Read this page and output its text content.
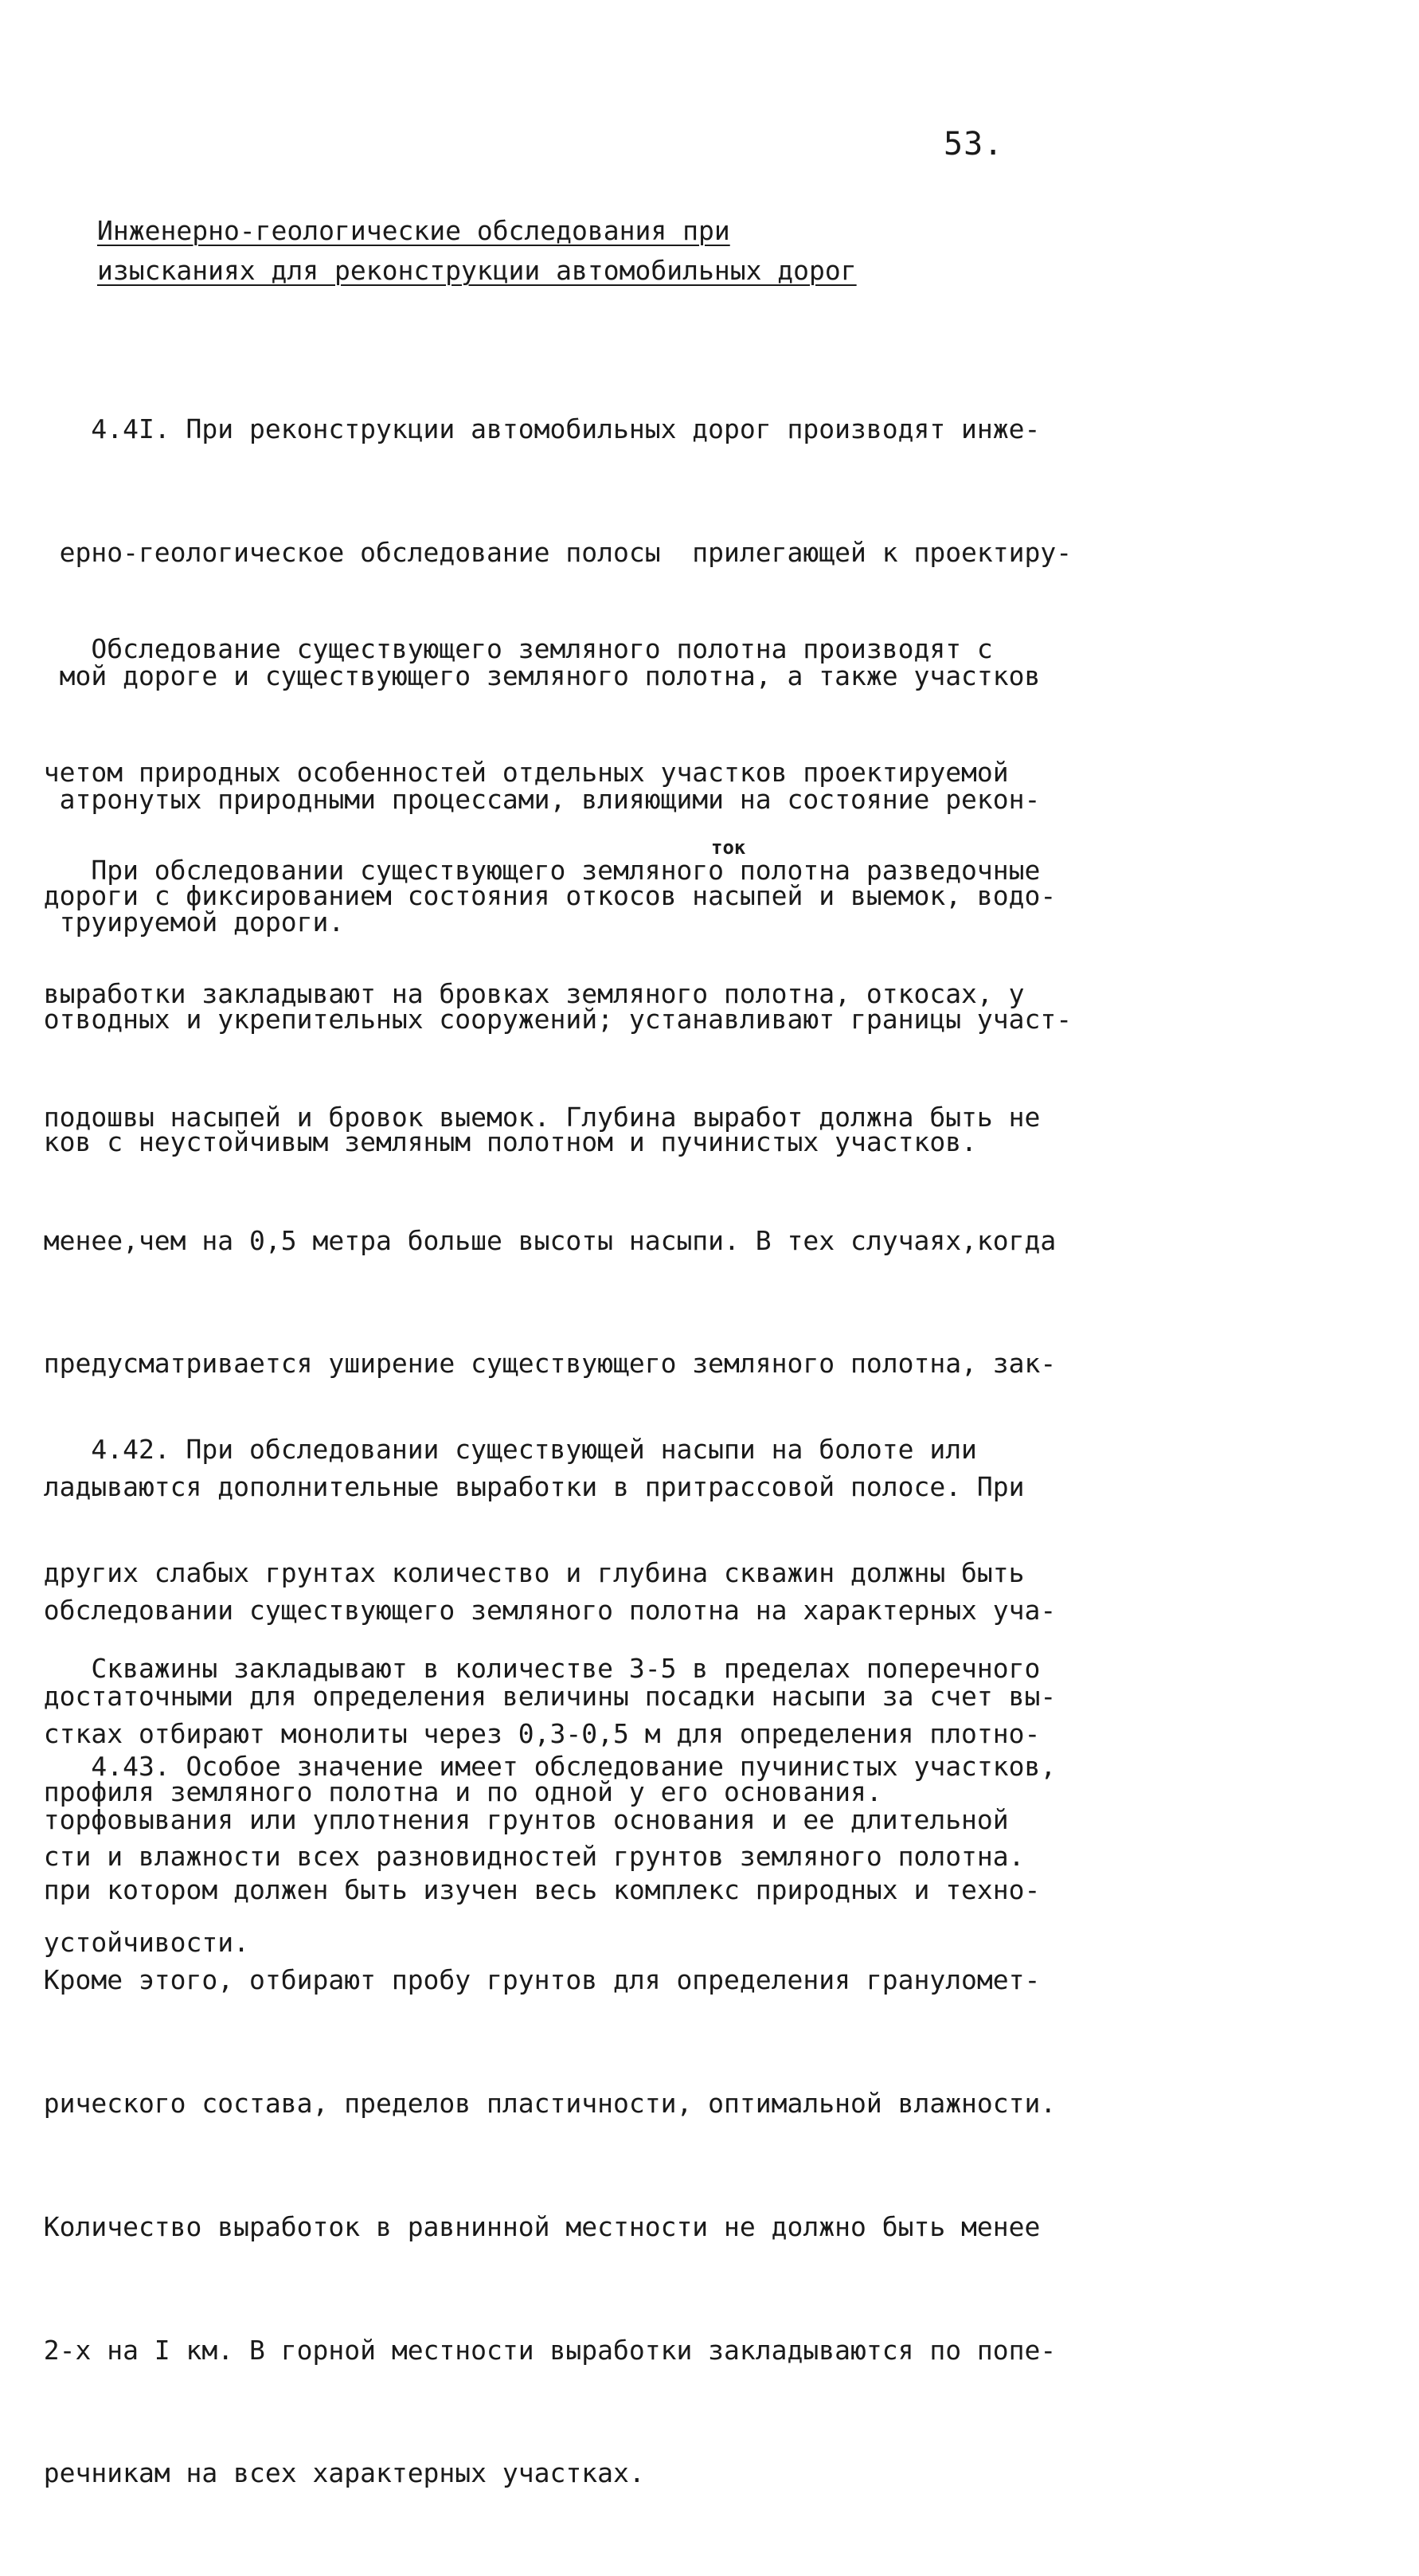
53.
Инженерно-геологические обследования при
изысканиях для реконструкции автомобильных дорог

4.4I. При реконструкции автомобильных дорог производят инже-

ерно-геологическое обследование полосы  прилегающей к проектиру-

мой дороге и существующего земляного полотна, а также участков

атронутых природными процессами, влияющими на состояние рекон-

труируемой дороги.

Обследование существующего земляного полотна производят с

четом природных особенностей отдельных участков проектируемой

дороги с фиксированием состояния откосов насыпей и выемок, водо-

отводных и укрепительных сооружений; устанавливают границы участ-

ков с неустойчивым земляным полотном и пучинистых участков.

При обследовании существующего земляного полотна разведочные

выработки закладывают на бровках земляного полотна, откосах, у

подошвы насыпей и бровок выемок. Глубина выработ должна быть не

менее,чем на 0,5 метра больше высоты насыпи. В тех случаях,когда

предусматривается уширение существующего земляного полотна, зак-

ладываются дополнительные выработки в притрассовой полосе. При

обследовании существующего земляного полотна на характерных уча-

стках отбирают монолиты через 0,3-0,5 м для определения плотно-

сти и влажности всех разновидностей грунтов земляного полотна.

Кроме этого, отбирают пробу грунтов для определения грануломет-

рического состава, пределов пластичности, оптимальной влажности.

Количество выработок в равнинной местности не должно быть менее

2-х на I км. В горной местности выработки закладываются по попе-

речникам на всех характерных участках.

ток

4.42. При обследовании существующей насыпи на болоте или

других слабых грунтах количество и глубина скважин должны быть

достаточными для определения величины посадки насыпи за счет вы-

торфовывания или уплотнения грунтов основания и ее длительной

устойчивости.

Скважины закладывают в количестве 3-5 в пределах поперечного

профиля земляного полотна и по одной у его основания.

4.43. Особое значение имеет обследование пучинистых участков,

при котором должен быть изучен весь комплекс природных и техно-
